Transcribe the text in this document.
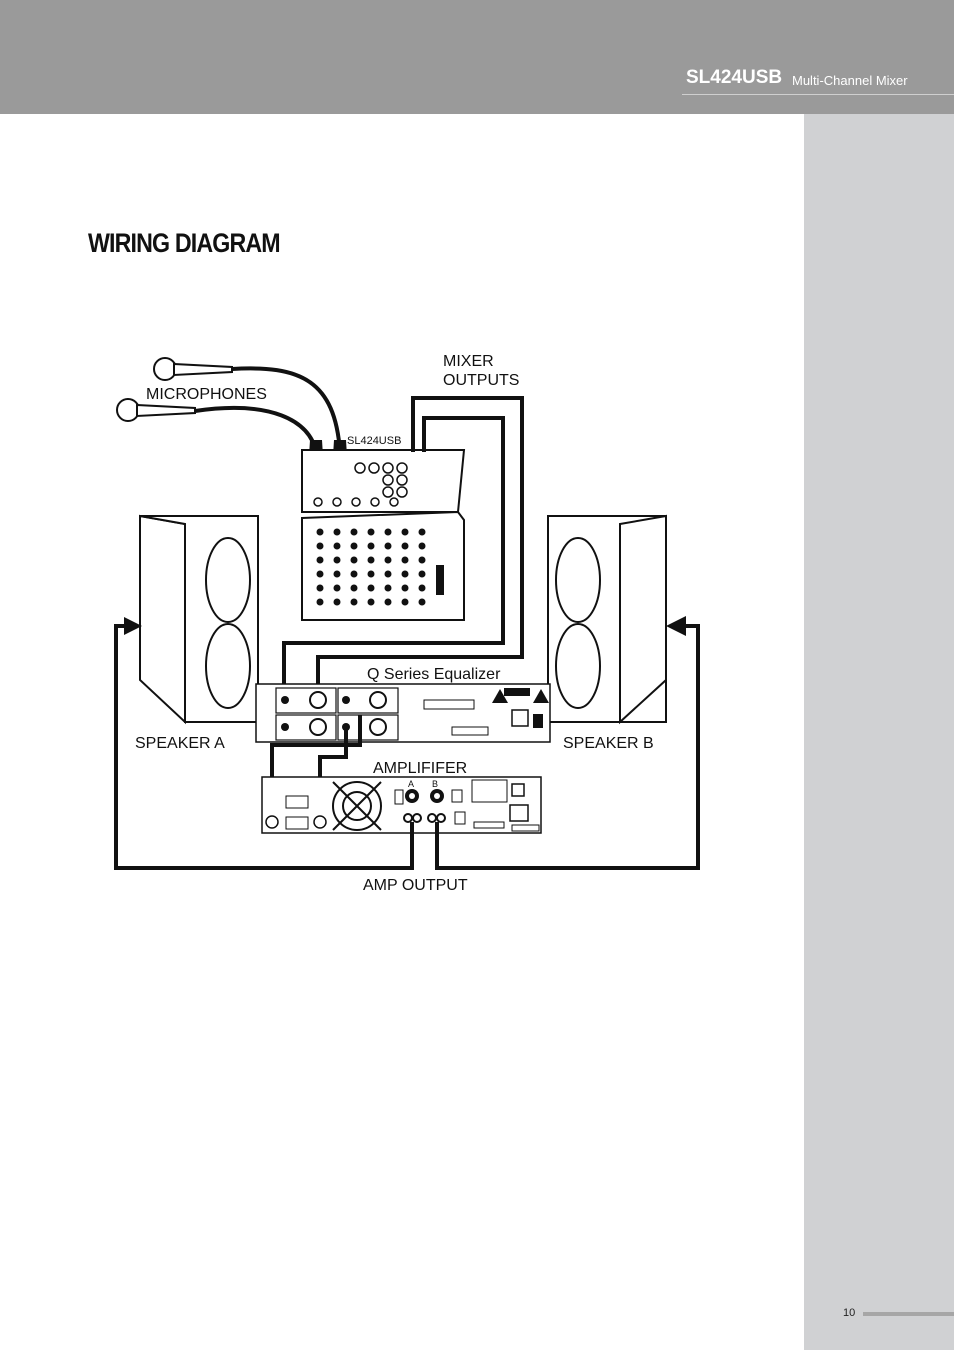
SL424USB Multi-Channel Mixer
WIRING DIAGRAM
MICROPHONES
MIXER
OUTPUTS
SL424USB
SPEAKER A	SPEAKER B
Q Series Equalizer
AMPLIFIFER
A B
AMP OUTPUT
10
